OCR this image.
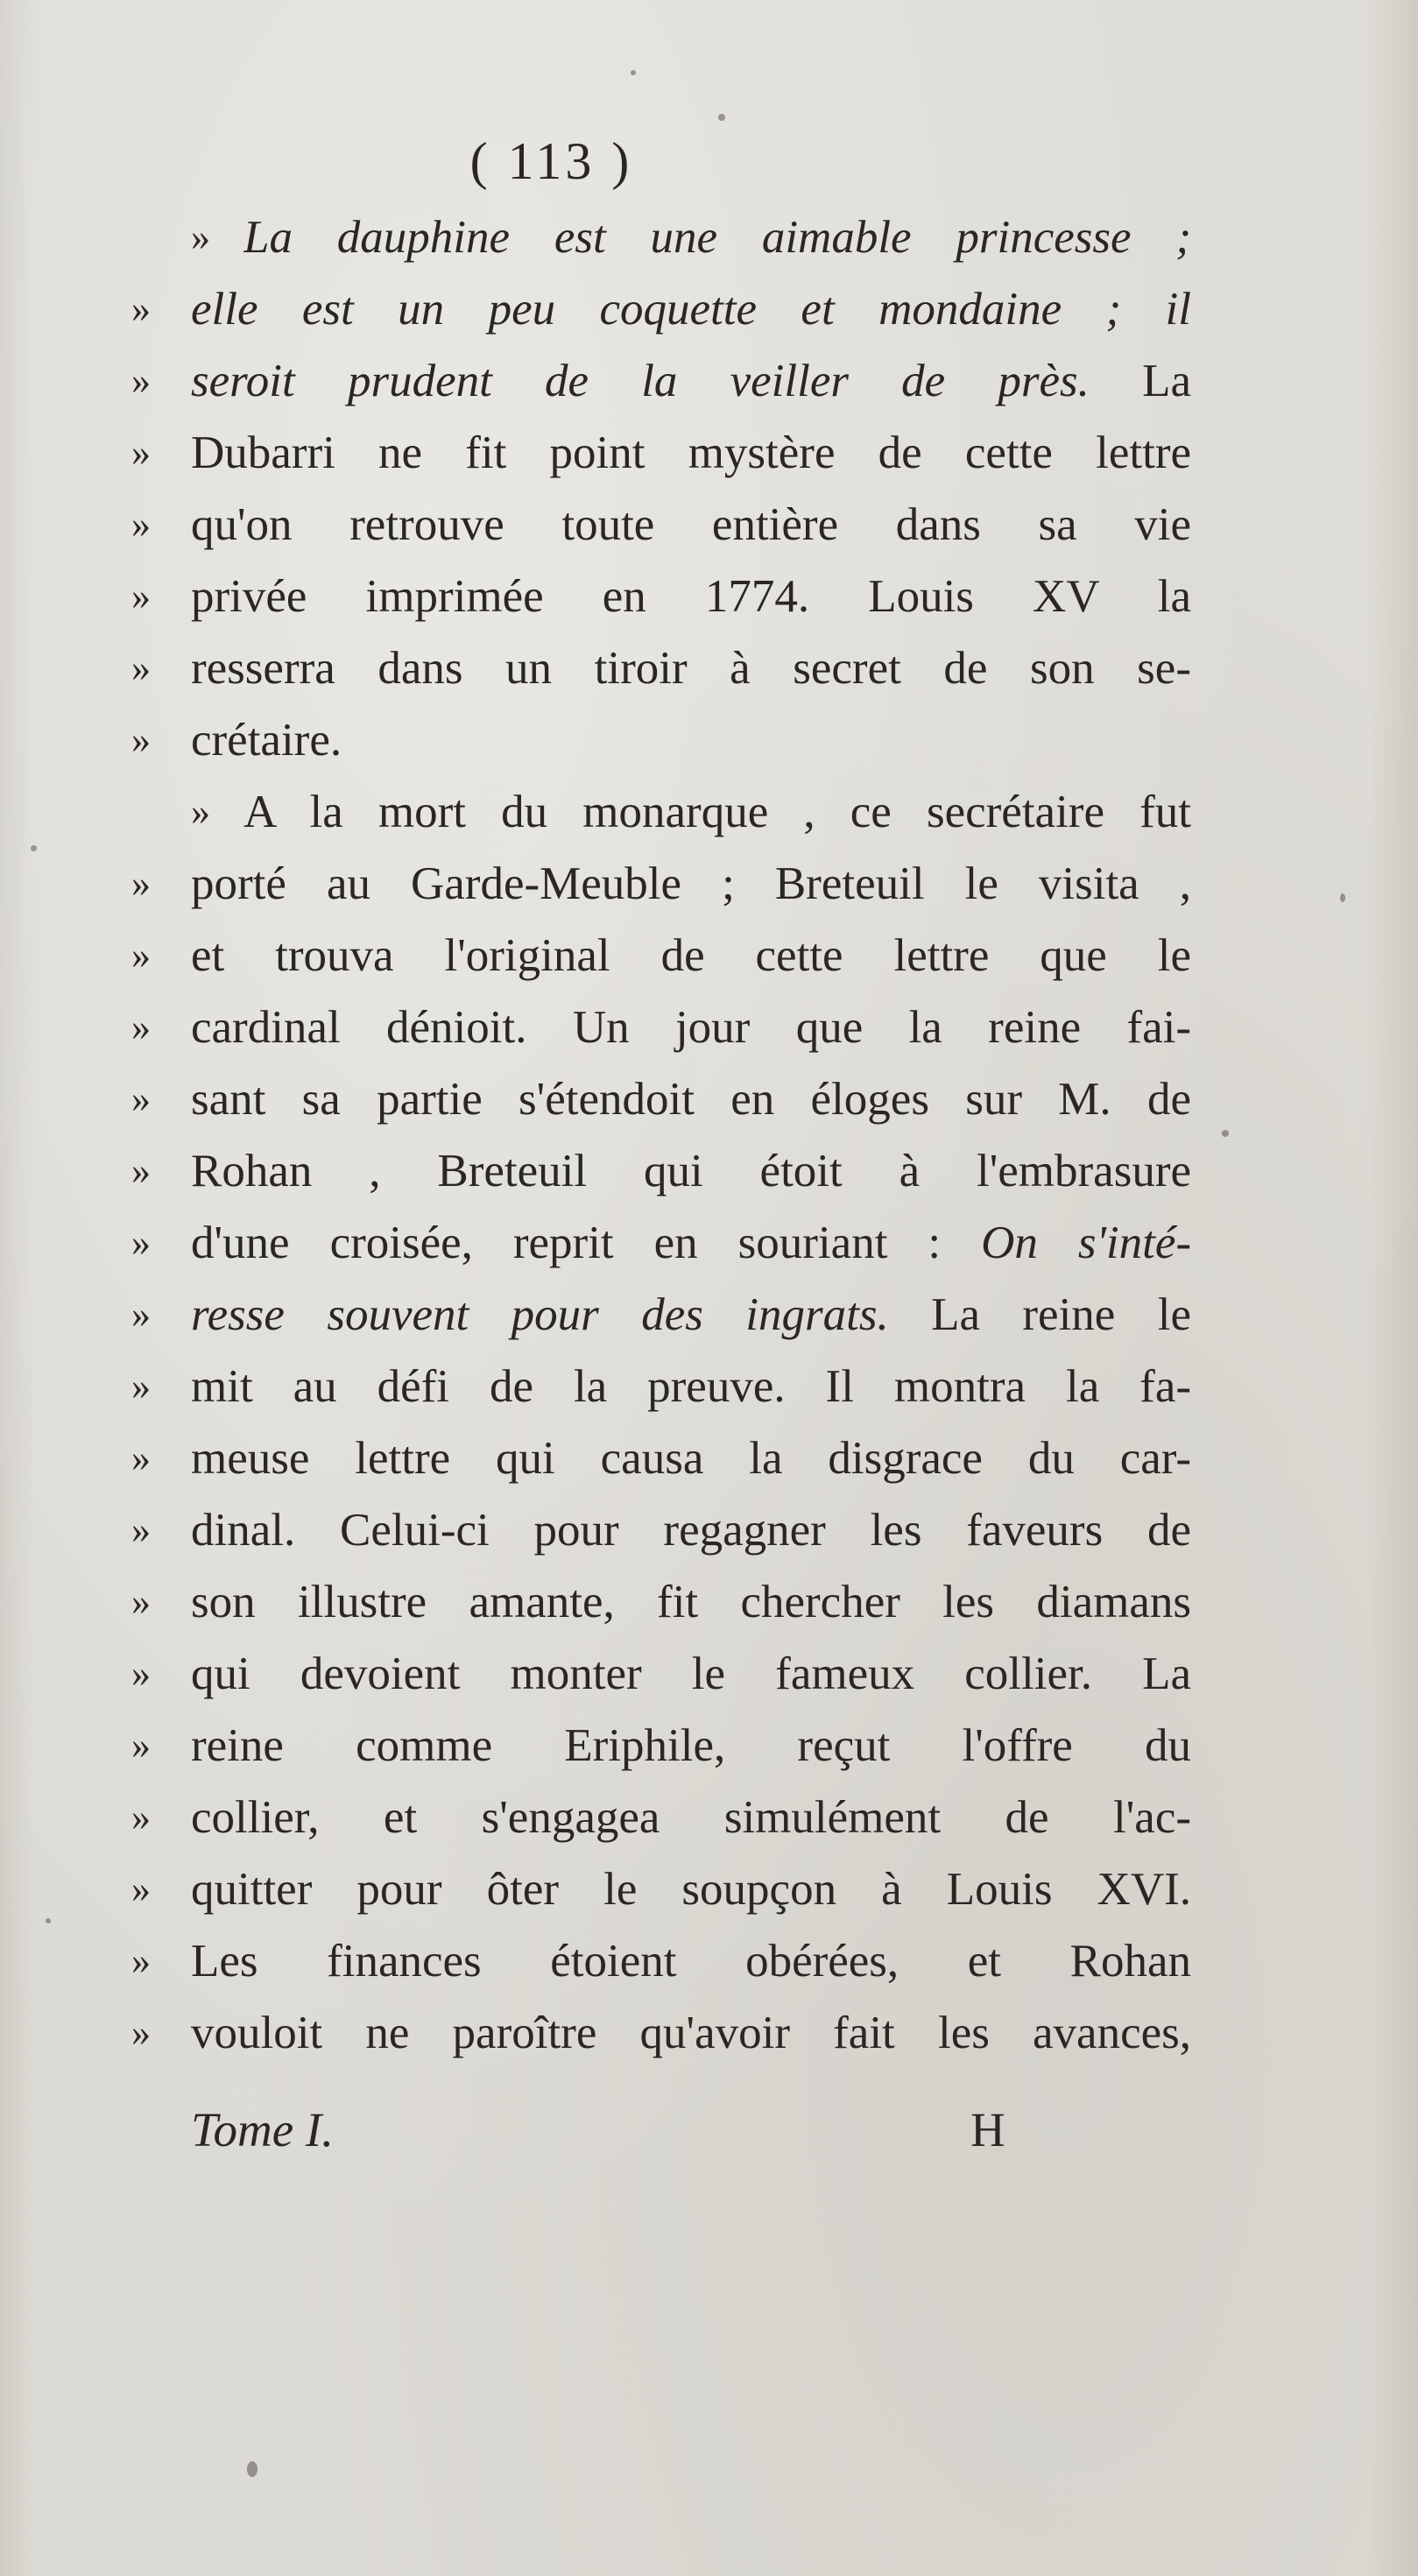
( 113 )
» La dauphine est une aimable princesse ;
» elle est un peu coquette et mondaine ; il
» seroit prudent de la veiller de près. La
» Dubarri ne fit point mystère de cette lettre
» qu'on retrouve toute entière dans sa vie
» privée imprimée en 1774. Louis XV la
» resserra dans un tiroir à secret de son se-
» crétaire.
» A la mort du monarque , ce secrétaire fut
» porté au Garde-Meuble ; Breteuil le visita ,
» et trouva l'original de cette lettre que le
» cardinal dénioit. Un jour que la reine fai-
» sant sa partie s'étendoit en éloges sur M. de
» Rohan , Breteuil qui étoit à l'embrasure
» d'une croisée, reprit en souriant : On s'inté-
» resse souvent pour des ingrats. La reine le
» mit au défi de la preuve. Il montra la fa-
» meuse lettre qui causa la disgrace du car-
» dinal. Celui-ci pour regagner les faveurs de
» son illustre amante, fit chercher les diamans
» qui devoient monter le fameux collier. La
» reine comme Eriphile, reçut l'offre du
» collier, et s'engagea simulément de l'ac-
» quitter pour ôter le soupçon à Louis XVI.
» Les finances étoient obérées, et Rohan
» vouloit ne paroître qu'avoir fait les avances,
Tome I.	H
